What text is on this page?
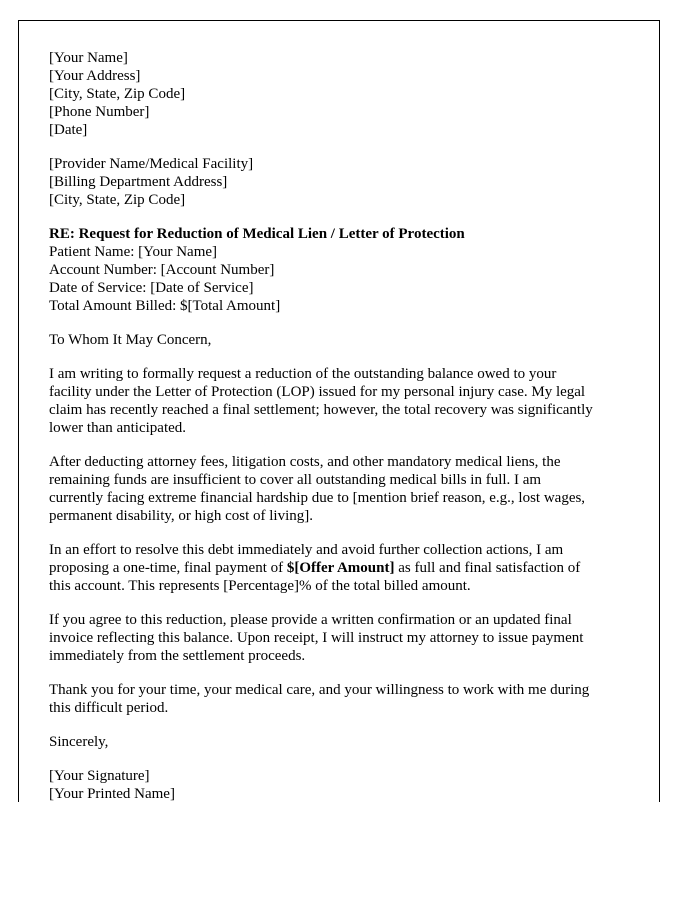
[Your Name]
[Your Address]
[City, State, Zip Code]
[Phone Number]
[Date]
[Provider Name/Medical Facility]
[Billing Department Address]
[City, State, Zip Code]
RE: Request for Reduction of Medical Lien / Letter of Protection
Patient Name: [Your Name]
Account Number: [Account Number]
Date of Service: [Date of Service]
Total Amount Billed: $[Total Amount]
To Whom It May Concern,
I am writing to formally request a reduction of the outstanding balance owed to your
facility under the Letter of Protection (LOP) issued for my personal injury case. My legal
claim has recently reached a final settlement; however, the total recovery was significantly
lower than anticipated.
After deducting attorney fees, litigation costs, and other mandatory medical liens, the
remaining funds are insufficient to cover all outstanding medical bills in full. I am
currently facing extreme financial hardship due to [mention brief reason, e.g., lost wages,
permanent disability, or high cost of living].
In an effort to resolve this debt immediately and avoid further collection actions, I am
proposing a one-time, final payment of $[Offer Amount] as full and final satisfaction of
this account. This represents [Percentage]% of the total billed amount.
If you agree to this reduction, please provide a written confirmation or an updated final
invoice reflecting this balance. Upon receipt, I will instruct my attorney to issue payment
immediately from the settlement proceeds.
Thank you for your time, your medical care, and your willingness to work with me during
this difficult period.
Sincerely,
[Your Signature]
[Your Printed Name]
